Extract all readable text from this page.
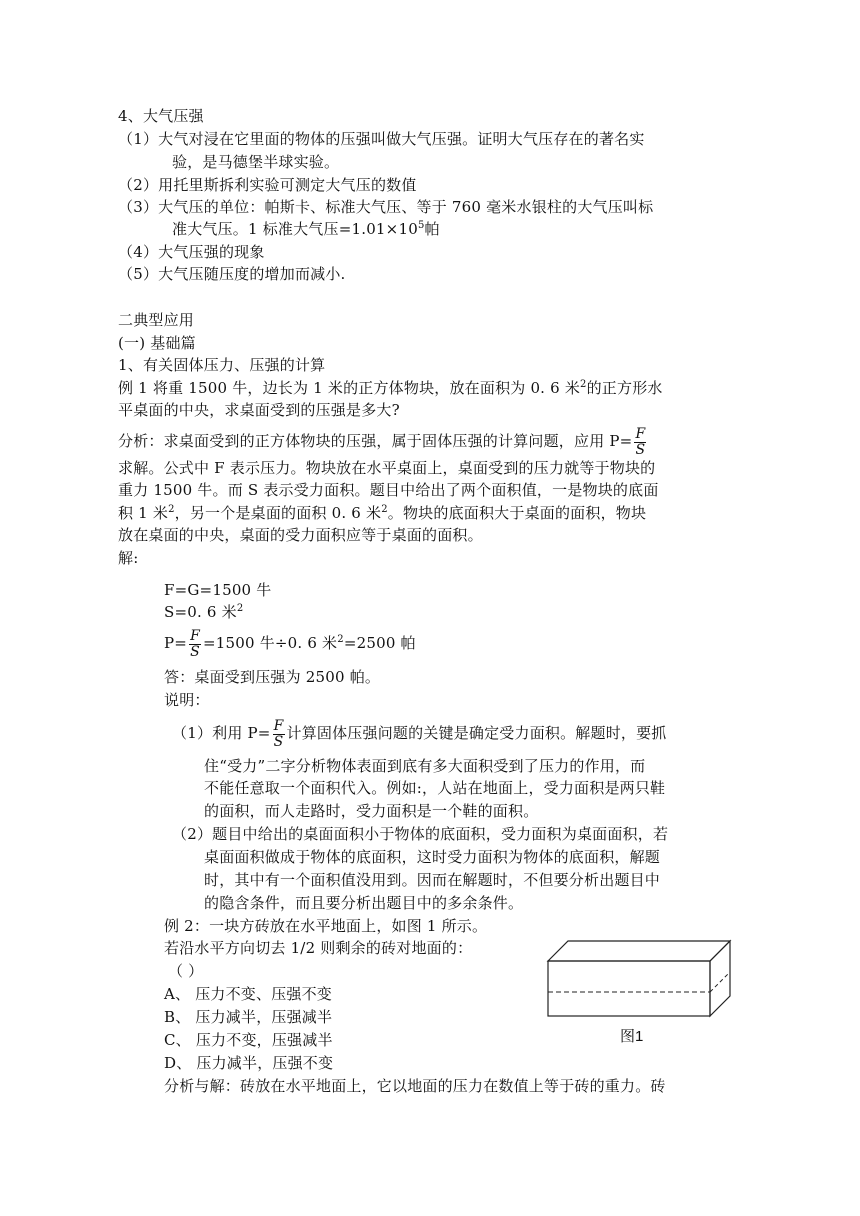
4、大气压强
（1）大气对浸在它里面的物体的压强叫做大气压强。证明大气压存在的著名实
验，是马德堡半球实验。
（2）用托里斯拆利实验可测定大气压的数值
（3）大气压的单位：帕斯卡、标准大气压、等于 760 毫米水银柱的大气压叫标
准大气压。1 标准大气压$=1.01\times 10^5$帕
（4）大气压强的现象
（5）大气压随压度的增加而减小.
二典型应用
(一) 基础篇
1、有关固体压力、压强的计算
例 1 将重 1500 牛，边长为 1 米的正方体物块，放在面积为 0. 6 米$^2$的正方形水
平桌面的中央，求桌面受到的压强是多大?
分析：求桌面受到的正方体物块的压强，属于固体压强的计算问题，应用 $P= \frac{F}{S}$
求解。公式中 F 表示压力。物块放在水平桌面上，桌面受到的压力就等于物块的
重力 1500 牛。而 S 表示受力面积。题目中给出了两个面积值，一是物块的底面
积 1 米$^2$，另一个是桌面的面积 0. 6 米$^2$。物块的底面积大于桌面的面积，物块
放在桌面的中央，桌面的受力面积应等于桌面的面积。
解:
F=G=1500 牛
S=0. 6 米$^2$
$P= \frac{F}{S} =1500$ 牛÷0. 6 米$^2$=2500 帕
答：桌面受到压强为 2500 帕。
说明：
（1）利用 $P= \frac{F}{S}$ 计算固体压强问题的关键是确定受力面积。解题时，要抓
住“受力”二字分析物体表面到底有多大面积受到了压力的作用，而
不能任意取一个面积代入。例如:，人站在地面上，受力面积是两只鞋
的面积，而人走路时，受力面积是一个鞋的面积。
（2）题目中给出的桌面面积小于物体的底面积，受力面积为桌面面积，若
桌面面积做成于物体的底面积，这时受力面积为物体的底面积，解题
时，其中有一个面积值没用到。因而在解题时，不但要分析出题目中
的隐含条件，而且要分析出题目中的多余条件。
例 2：一块方砖放在水平地面上，如图 1 所示。
若沿水平方向切去 1/2 则剩余的砖对地面的：
（ ）
A、 压力不变、压强不变
B、 压力减半，压强减半
C、 压力不变，压强减半
D、 压力减半，压强不变
分析与解：砖放在水平地面上，它以地面的压力在数值上等于砖的重力。砖
图1
